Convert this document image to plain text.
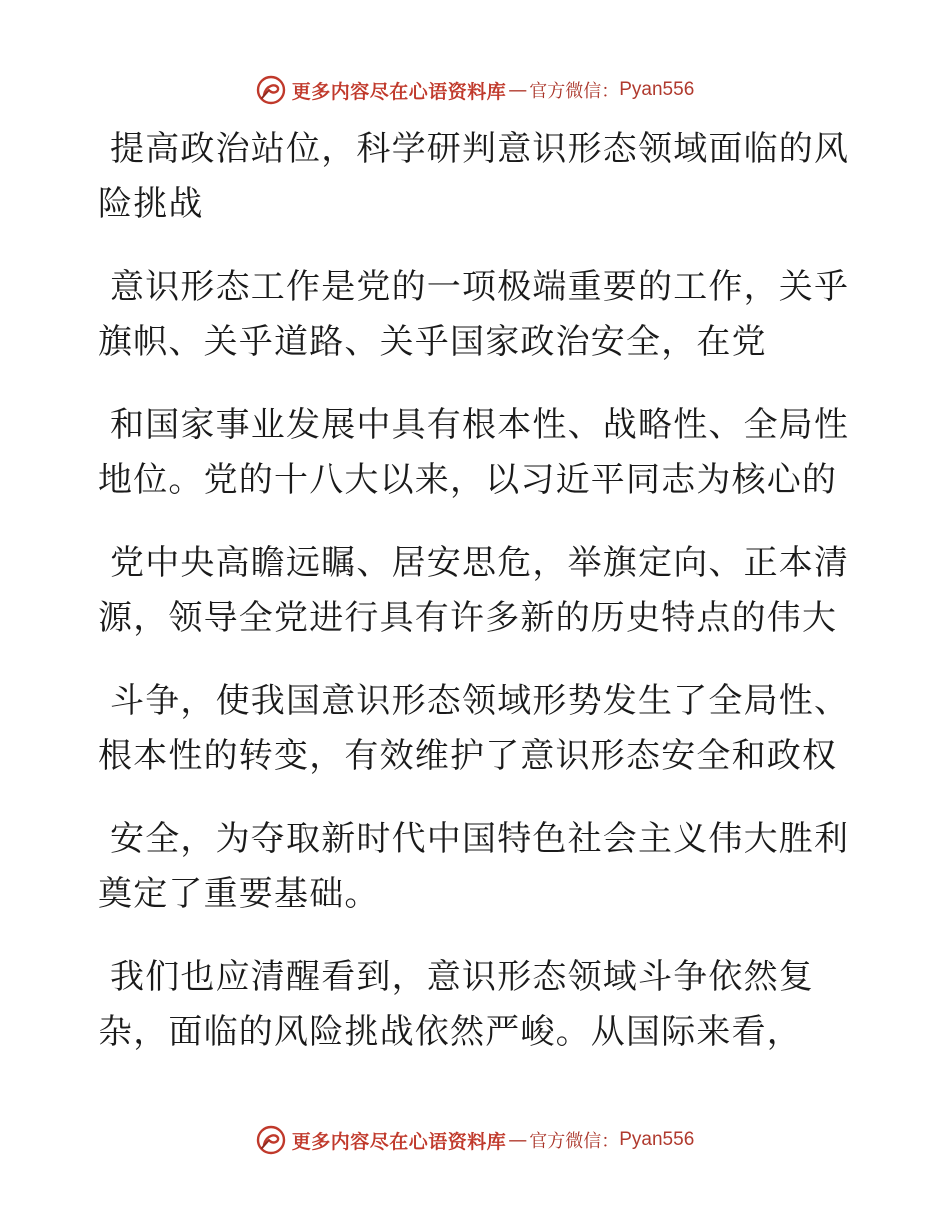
更多内容尽在心语资料库 — 官方微信： Pyan556
提高政治站位，科学研判意识形态领域面临的风
险挑战
意识形态工作是党的一项极端重要的工作，关乎
旗帜、关乎道路、关乎国家政治安全，在党
和国家事业发展中具有根本性、战略性、全局性
地位。党的十八大以来，以习近平同志为核心的
党中央高瞻远瞩、居安思危，举旗定向、正本清
源，领导全党进行具有许多新的历史特点的伟大
斗争，使我国意识形态领域形势发生了全局性、
根本性的转变，有效维护了意识形态安全和政权
安全，为夺取新时代中国特色社会主义伟大胜利
奠定了重要基础。
我们也应清醒看到，意识形态领域斗争依然复
杂，面临的风险挑战依然严峻。从国际来看，
更多内容尽在心语资料库 — 官方微信： Pyan556
